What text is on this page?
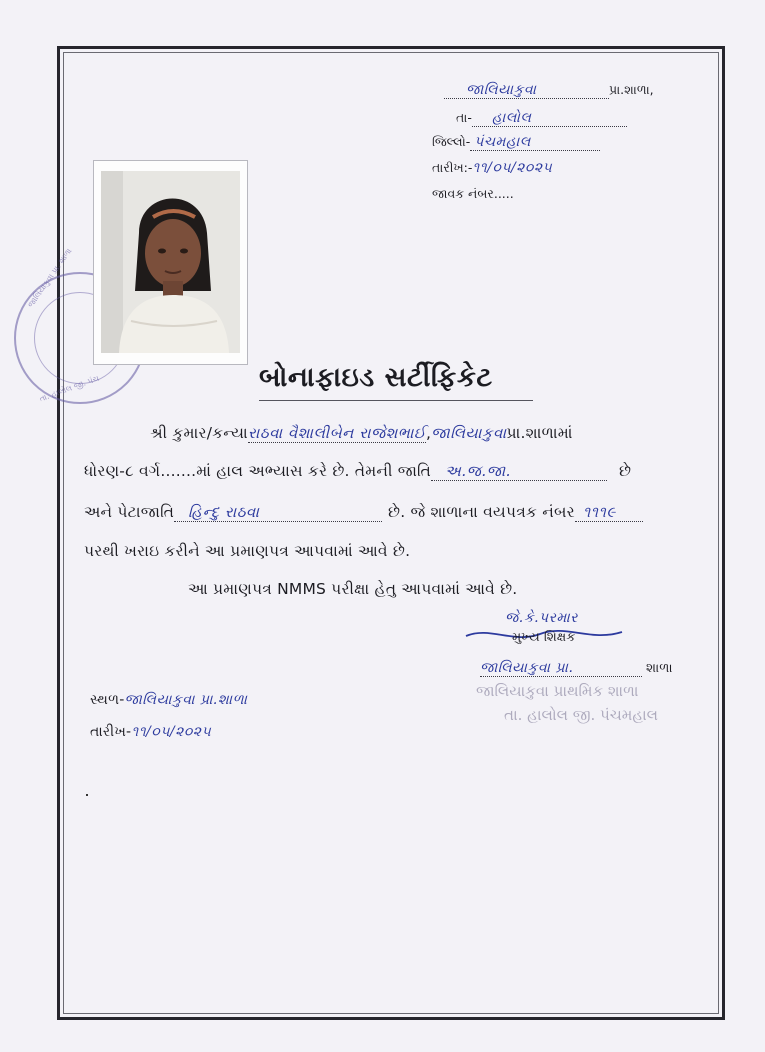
જાલિયાકુવા	પ્રા.શાળા,
તા- હાલોલ
જિલ્લો- પંચમહાલ
તારીખ:-૧૧/૦૫/૨૦૨૫
જાવક નંબર.....
જાલિયાકુવા પ્રા. શાળા
તા. હાલોલ જી. પંચ	બોનાફાઇડ સર્ટીફિકેટ
શ્રી કુમાર/કન્યારાઠવા વૈશાલીબેન રાજેશભાઈ,જાલિયાકુવાપ્રા.શાળામાં
ધોરણ-૮ વર્ગ.......માં હાલ અભ્યાસ કરે છે. તેમની જાતિ અ.જ.જા.	છે
અને પેટાજાતિ હિન્દુ રાઠવા	છે. જે શાળાના વયપત્રક નંબર ૧૧૧૯
પરથી ખરાઇ કરીને આ પ્રમાણપત્ર આપવામાં આવે છે.
આ પ્રમાણપત્ર NMMS પરીક્ષા હેતુ આપવામાં આવે છે.
જે.કે.પરમાર
મુખ્ય શિક્ષક
જાલિયાકુવા પ્રા.	શાળા
જાલિયાકુવા પ્રાથમિક શાળા
તા. હાલોલ જી. પંચમહાલ
સ્થળ-જાલિયાકુવા પ્રા.શાળા
તારીખ-૧૧/૦૫/૨૦૨૫
